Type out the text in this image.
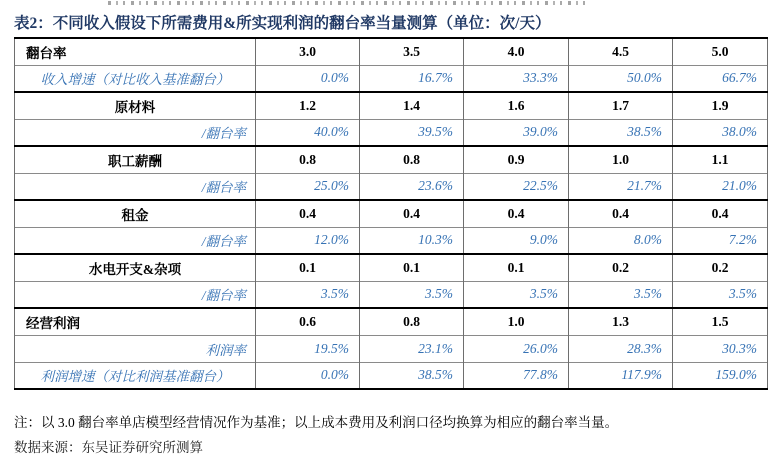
表2：不同收入假设下所需费用&所实现利润的翻台率当量测算（单位：次/天）
翻台率	3.0	3.5	4.0	4.5	5.0
收入增速（对比收入基准翻台）	0.0%	16.7%	33.3%	50.0%	66.7%
原材料	1.2	1.4	1.6	1.7	1.9
/翻台率	40.0%	39.5%	39.0%	38.5%	38.0%
职工薪酬	0.8	0.8	0.9	1.0	1.1
/翻台率	25.0%	23.6%	22.5%	21.7%	21.0%
租金	0.4	0.4	0.4	0.4	0.4
/翻台率	12.0%	10.3%	9.0%	8.0%	7.2%
水电开支&杂项	0.1	0.1	0.1	0.2	0.2
/翻台率	3.5%	3.5%	3.5%	3.5%	3.5%
经营利润	0.6	0.8	1.0	1.3	1.5
利润率	19.5%	23.1%	26.0%	28.3%	30.3%
利润增速（对比利润基准翻台）	0.0%	38.5%	77.8%	117.9%	159.0%
注：以 3.0 翻台率单店模型经营情况作为基准；以上成本费用及利润口径均换算为相应的翻台率当量。
数据来源：东吴证券研究所测算
